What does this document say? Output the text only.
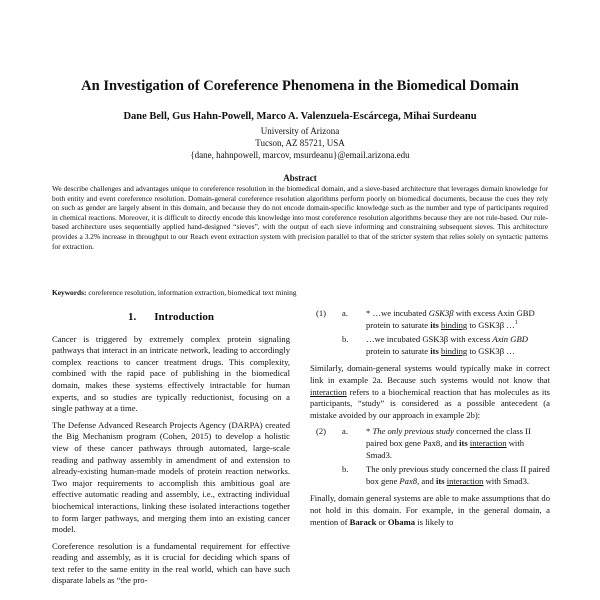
An Investigation of Coreference Phenomena in the Biomedical Domain
Dane Bell, Gus Hahn-Powell, Marco A. Valenzuela-Escárcega, Mihai Surdeanu
University of Arizona
Tucson, AZ 85721, USA
{dane, hahnpowell, marcov, msurdeanu}@email.arizona.edu
Abstract
We describe challenges and advantages unique to coreference resolution in the biomedical domain, and a sieve-based architecture that leverages domain knowledge for both entity and event coreference resolution. Domain-general coreference resolution algorithms perform poorly on biomedical documents, because the cues they rely on such as gender are largely absent in this domain, and because they do not encode domain-specific knowledge such as the number and type of participants required in chemical reactions. Moreover, it is difficult to directly encode this knowledge into most coreference resolution algorithms because they are not rule-based. Our rule-based architecture uses sequentially applied hand-designed “sieves”, with the output of each sieve informing and constraining subsequent sieves. This architecture provides a 3.2% increase in throughput to our Reach event extraction system with precision parallel to that of the stricter system that relies solely on syntactic patterns for extraction.
Keywords: coreference resolution, information extraction, biomedical text mining
1. Introduction

Cancer is triggered by extremely complex protein signaling pathways that interact in an intricate network, leading to accordingly complex reactions to cancer treatment drugs. This complexity, combined with the rapid pace of publishing in the biomedical domain, makes these systems effectively intractable for human experts, and so studies are typically reductionist, focusing on a single pathway at a time.

The Defense Advanced Research Projects Agency (DARPA) created the Big Mechanism program (Cohen, 2015) to develop a holistic view of these cancer pathways through automated, large-scale reading and pathway assembly in amendment of and extension to already-existing human-made models of protein reaction networks. Two major requirements to accomplish this ambitious goal are effective automatic reading and assembly, i.e., extracting individual biochemical interactions, linking these isolated interactions together to form larger pathways, and merging them into an existing cancer model.

Coreference resolution is a fundamental requirement for effective reading and assembly, as it is crucial for deciding which spans of text refer to the same entity in the real world, which can have such disparate labels as “the pro-

(1) a. * …we incubated GSK3β with excess Axin GBD protein to saturate its binding to GSK3β …$^1$
b. …we incubated GSK3β with excess Axin GBD protein to saturate its binding to GSK3β …

Similarly, domain-general systems would typically make in correct link in example 2a. Because such systems would not know that interaction refers to a biochemical reaction that has molecules as its participants, “study” is considered as a possible antecedent (a mistake avoided by our approach in example 2b):

(2) a. * The only previous study concerned the class II paired box gene Pax8, and its interaction with Smad3.
b. The only previous study concerned the class II paired box gene Pax8, and its interaction with Smad3.

Finally, domain general systems are able to make assumptions that do not hold in this domain. For example, in the general domain, a mention of Barack or Obama is likely to
